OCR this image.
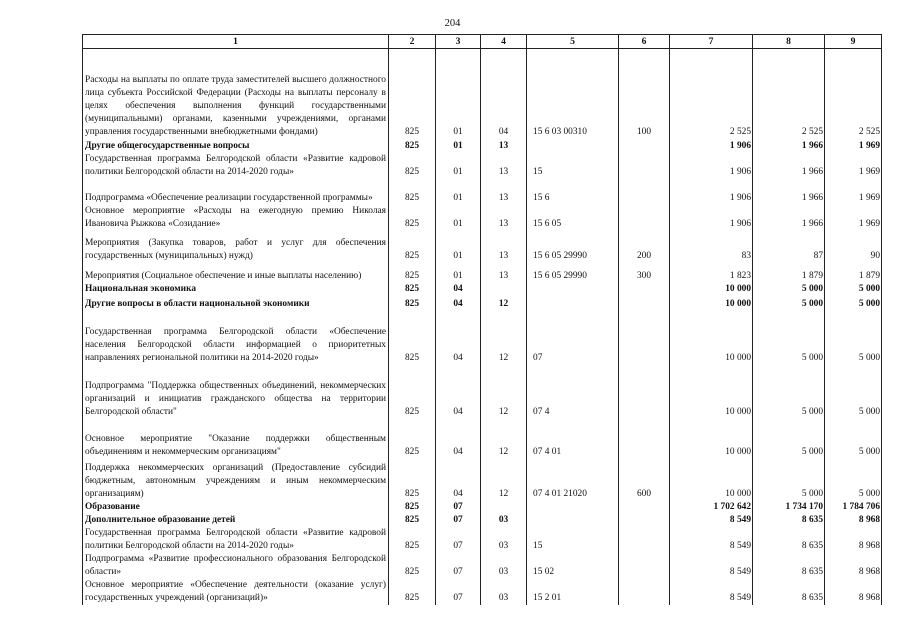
204
1	2	3	4	5	6	7	8	9
Расходы на выплаты по оплате труда заместителей высшего должностного лица субъекта Российской Федерации (Расходы на выплаты персоналу в целях обеспечения выполнения функций государственными (муниципальными) органами, казенными учреждениями, органами управления государственными внебюджетными фондами)	825	01	04	15 6 03 00310	100	2 525	2 525	2 525
Другие общегосударственные вопросы	825	01	13			1 906	1 966	1 969
Государственная программа Белгородской области «Развитие кадровой политики Белгородской области на 2014-2020 годы»	825	01	13	15		1 906	1 966	1 969
Подпрограмма «Обеспечение реализации государственной программы»	825	01	13	15 6		1 906	1 966	1 969
Основное мероприятие «Расходы на ежегодную премию Николая Ивановича Рыжкова «Созидание»	825	01	13	15 6 05		1 906	1 966	1 969
Мероприятия (Закупка товаров, работ и услуг для обеспечения государственных (муниципальных) нужд)	825	01	13	15 6 05 29990	200	83	87	90
Мероприятия (Социальное обеспечение и иные выплаты населению)	825	01	13	15 6 05 29990	300	1 823	1 879	1 879
Национальная экономика	825	04				10 000	5 000	5 000
Другие вопросы в области национальной экономики	825	04	12			10 000	5 000	5 000
Государственная программа Белгородской области «Обеспечение населения Белгородской области информацией о приоритетных направлениях региональной политики на 2014-2020 годы»	825	04	12	07		10 000	5 000	5 000
Подпрограмма "Поддержка общественных объединений, некоммерческих организаций и инициатив гражданского общества на территории Белгородской области"	825	04	12	07 4		10 000	5 000	5 000
Основное мероприятие "Оказание поддержки общественным объединениям и некоммерческим организациям"	825	04	12	07 4 01		10 000	5 000	5 000
Поддержка некоммерческих организаций (Предоставление субсидий бюджетным, автономным учреждениям и иным некоммерческим организациям)	825	04	12	07 4 01 21020	600	10 000	5 000	5 000
Образование	825	07				1 702 642	1 734 170	1 784 706
Дополнительное образование детей	825	07	03			8 549	8 635	8 968
Государственная программа Белгородской области «Развитие кадровой политики Белгородской области на 2014-2020 годы»	825	07	03	15		8 549	8 635	8 968
Подпрограмма «Развитие профессионального образования Белгородской области»	825	07	03	15 02		8 549	8 635	8 968
Основное мероприятие «Обеспечение деятельности (оказание услуг) государственных учреждений (организаций)»	825	07	03	15 2 01		8 549	8 635	8 968
